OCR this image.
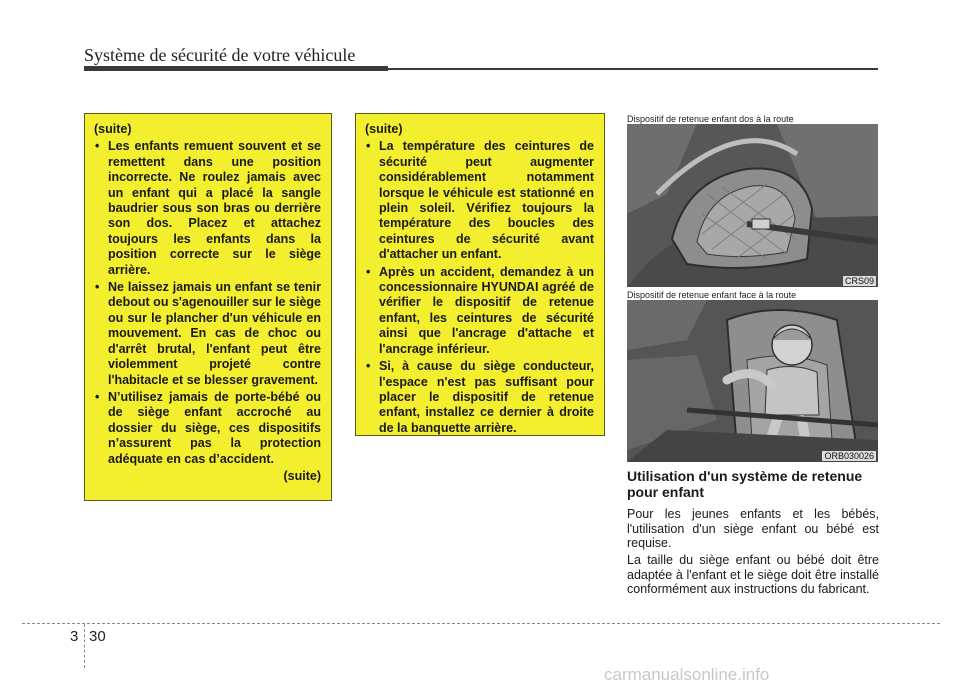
Système de sécurité de votre véhicule
(suite)
• Les enfants remuent souvent et se remettent dans une position incorrecte. Ne roulez jamais avec un enfant qui a placé la sangle baudrier sous son bras ou derrière son dos. Placez et attachez toujours les enfants dans la position correcte sur le siège arrière.
• Ne laissez jamais un enfant se tenir debout ou s'agenouiller sur le siège ou sur le plancher d'un véhicule en mouvement. En cas de choc ou d'arrêt brutal, l'enfant peut être violemment projeté contre l'habitacle et se blesser gravement.
• N’utilisez jamais de porte-bébé ou de siège enfant accroché au dossier du siège, ces dispositifs n’assurent pas la protection adéquate en cas d’accident.
(suite)
(suite)
• La température des ceintures de sécurité peut augmenter considérablement notamment lorsque le véhicule est stationné en plein soleil. Vérifiez toujours la température des boucles des ceintures de sécurité avant d'attacher un enfant.
• Après un accident, demandez à un concessionnaire HYUNDAI agréé de vérifier le dispositif de retenue enfant, les ceintures de sécurité ainsi que l'ancrage d'attache et l'ancrage inférieur.
• Si, à cause du siège conducteur, l'espace n'est pas suffisant pour placer le dispositif de retenue enfant, installez ce dernier à droite de la banquette arrière.
Dispositif de retenue enfant dos à la route
CRS09
Dispositif de retenue enfant face à la route
ORB030026
Utilisation d'un système de retenue pour enfant

Pour les jeunes enfants et les bébés, l'utilisation d'un siège enfant ou bébé est requise.

La taille du siège enfant ou bébé doit être adaptée à l'enfant et le siège doit être installé conformément aux instructions du fabricant.

3 30
carmanualsonline.info
